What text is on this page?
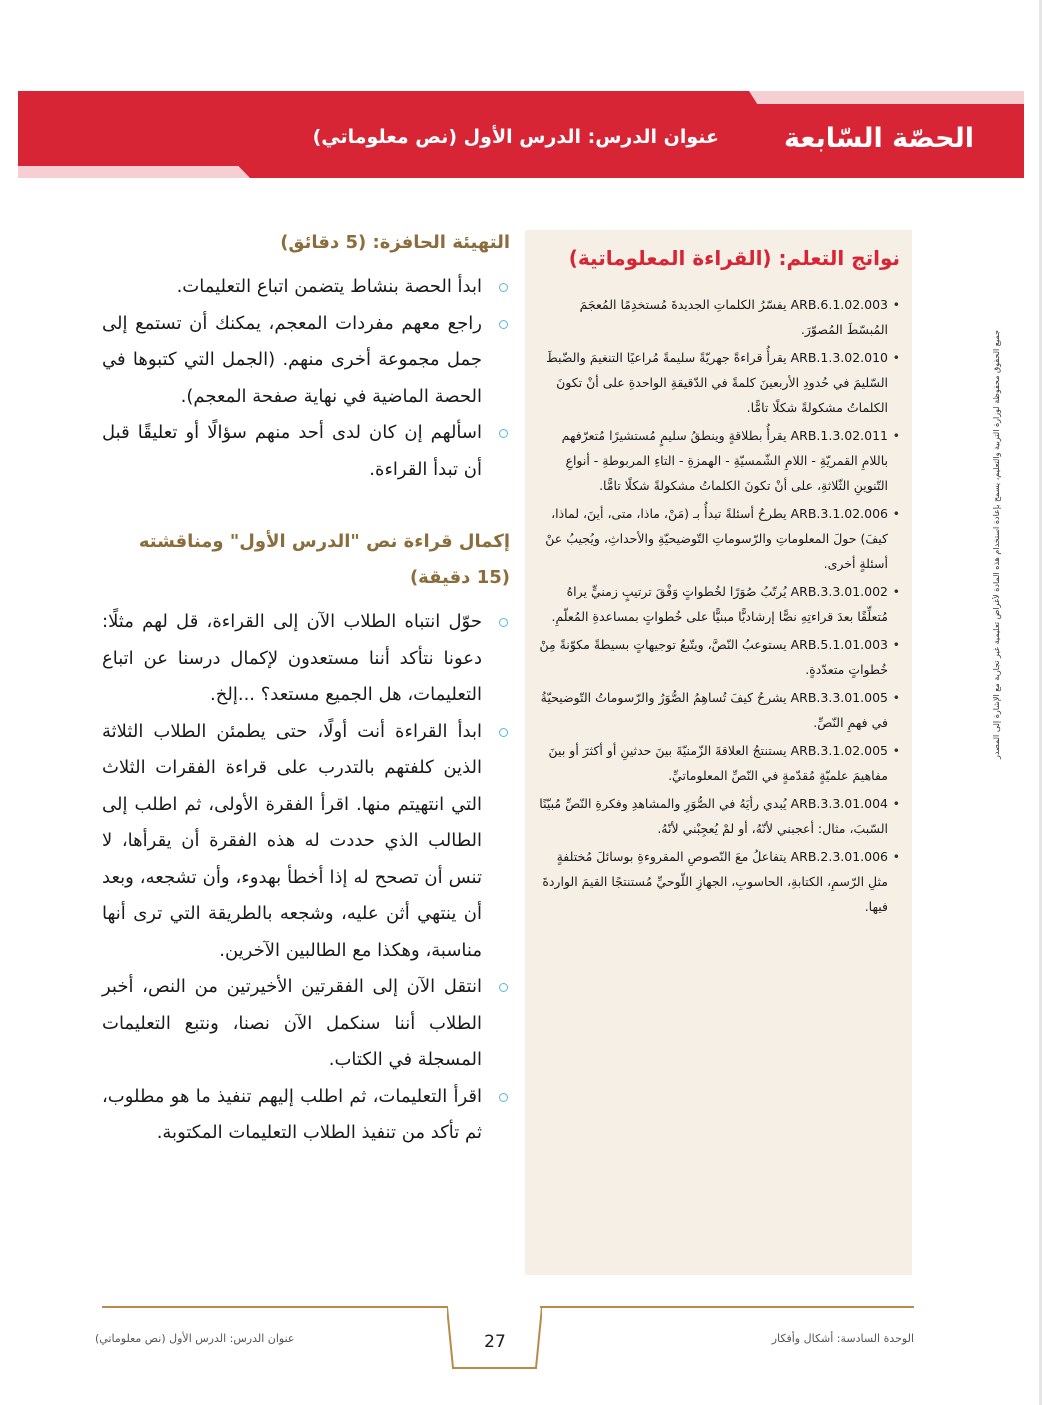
الحصّة السّابعة
عنوان الدرس: الدرس الأول (نص معلوماتي)
نواتج التعلم: (القراءة المعلوماتية)
• ARB.6.1.02.003 يفسّرُ الكلماتِ الجديدةَ مُستخدِمًا المُعجَمَ المُبسّطَ المُصوّرَ.
• ARB.1.3.02.010 يقرأُ قراءةً جهريّةً سليمةً مُراعيًا التنغيمَ والضّبطَ السّليمَ في حُدودِ الأربعينَ كلمةً في الدّقيقةِ الواحدةِ على أنْ تكونَ الكلماتُ مشكولةً شكلًا تامًّا.
• ARB.1.3.02.011 يقرأُ بطلاقةٍ وينطقُ سليمٍ مُستشيرًا مُتعرّفهم باللامِ القمريّةِ - اللامِ الشّمسيّةِ - الهمزةِ - التاءِ المربوطةِ - أنواعِ التّنوينِ الثّلاثةِ، على أنْ تكونَ الكلماتُ مشكولةً شكلًا تامًّا.
• ARB.3.1.02.006 يطرحُ أسئلةً تبدأُ بـ (مَنْ، ماذا، متى، أينَ، لماذا، كيفَ) حولَ المعلوماتِ والرّسوماتِ التّوضيحيّةِ والأحداثِ، ويُجيبُ عنْ أسئلةٍ أخرى.
• ARB.3.3.01.002 يُرتّبُ صُوَرًا لخُطواتٍ وَفْقَ ترتيبٍ زمنيٍّ يراهُ مُتعلِّقًا بعدَ قراءتِهِ نصًّا إرشاديًّا مبنيًّا على خُطواتٍ بمساعدةِ المُعلّمِ.
• ARB.5.1.01.003 يستوعبُ النّصَّ، ويتّبعُ توجيهاتٍ بسيطةً مكوّنةً مِنْ خُطواتٍ متعدّدةٍ.
• ARB.3.3.01.005 يشرحُ كيفَ تُساهِمُ الصُّوَرُ والرّسوماتُ التّوضيحيّةُ في فهمِ النّصِّ.
• ARB.3.1.02.005 يستنتجُ العلاقةَ الزّمنيّةَ بينَ حدثينِ أو أكثرَ أو بينَ مفاهيمَ علميّةٍ مُقدّمةٍ في النّصِّ المعلوماتيِّ.
• ARB.3.3.01.004 يُبدي رأيَهُ في الصُّوَرِ والمشاهدِ وفكرةِ النّصِّ مُبيّنًا السّببَ، مثال: أعجبني لأنّهُ، أو لمْ يُعجِبْني لأنّهُ.
• ARB.2.3.01.006 يتفاعلُ معَ النّصوصِ المقروءةِ بوسائلَ مُختلفةٍ مثلِ الرّسمِ، الكتابةِ، الحاسوبِ، الجهازِ اللّوحيِّ مُستنتجًا القيمَ الواردةَ فيها.
التهيئة الحافزة: (5 دقائق)
ابدأ الحصة بنشاط يتضمن اتباع التعليمات.
راجع معهم مفردات المعجم، يمكنك أن تستمع إلى جمل مجموعة أخرى منهم. (الجمل التي كتبوها في الحصة الماضية في نهاية صفحة المعجم).
اسألهم إن كان لدى أحد منهم سؤالًا أو تعليقًا قبل أن تبدأ القراءة.
إكمال قراءة نص "الدرس الأول" ومناقشته (15 دقيقة)
حوّل انتباه الطلاب الآن إلى القراءة، قل لهم مثلًا: دعونا نتأكد أننا مستعدون لإكمال درسنا عن اتباع التعليمات، هل الجميع مستعد؟ ...إلخ.
ابدأ القراءة أنت أولًا، حتى يطمئن الطلاب الثلاثة الذين كلفتهم بالتدرب على قراءة الفقرات الثلاث التي انتهيتم منها. اقرأ الفقرة الأولى، ثم اطلب إلى الطالب الذي حددت له هذه الفقرة أن يقرأها، لا تنس أن تصحح له إذا أخطأ بهدوء، وأن تشجعه، وبعد أن ينتهي أثن عليه، وشجعه بالطريقة التي ترى أنها مناسبة، وهكذا مع الطالبين الآخرين.
انتقل الآن إلى الفقرتين الأخيرتين من النص، أخبر الطلاب أننا سنكمل الآن نصنا، ونتبع التعليمات المسجلة في الكتاب.
اقرأ التعليمات، ثم اطلب إليهم تنفيذ ما هو مطلوب، ثم تأكد من تنفيذ الطلاب التعليمات المكتوبة.
جميع الحقوق محفوظة لوزارة التربية والتعليم، يسمح بإعادة استخدام هذه المادة لأغراض تعليمية غير تجارية مع الإشارة إلى المصدر
27
عنوان الدرس: الدرس الأول (نص معلوماتي)	الوحدة السادسة: أشكال وأفكار
